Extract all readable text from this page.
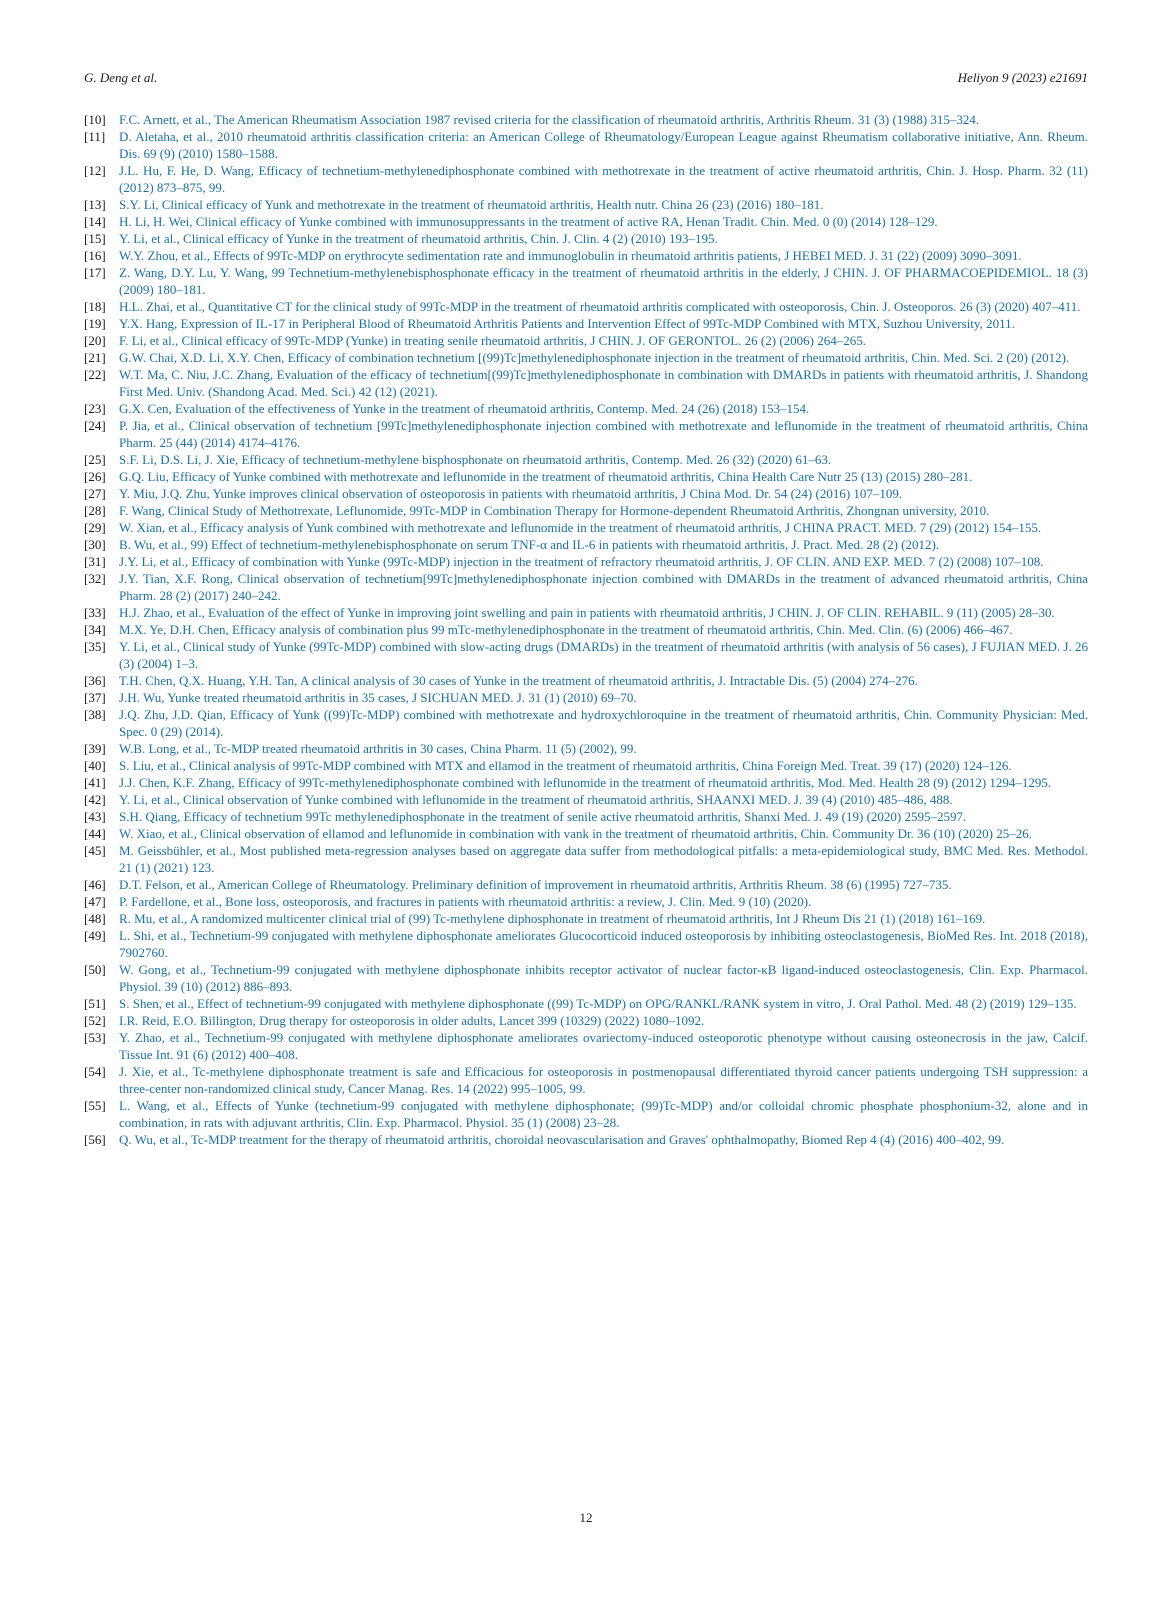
G. Deng et al.	Heliyon 9 (2023) e21691
[10] F.C. Arnett, et al., The American Rheumatism Association 1987 revised criteria for the classification of rheumatoid arthritis, Arthritis Rheum. 31 (3) (1988) 315–324.
[11] D. Aletaha, et al., 2010 rheumatoid arthritis classification criteria: an American College of Rheumatology/European League against Rheumatism collaborative initiative, Ann. Rheum. Dis. 69 (9) (2010) 1580–1588.
[12] J.L. Hu, F. He, D. Wang, Efficacy of technetium-methylenediphosphonate combined with methotrexate in the treatment of active rheumatoid arthritis, Chin. J. Hosp. Pharm. 32 (11) (2012) 873–875, 99.
[13] S.Y. Li, Clinical efficacy of Yunk and methotrexate in the treatment of rheumatoid arthritis, Health nutr. China 26 (23) (2016) 180–181.
[14] H. Li, H. Wei, Clinical efficacy of Yunke combined with immunosuppressants in the treatment of active RA, Henan Tradit. Chin. Med. 0 (0) (2014) 128–129.
[15] Y. Li, et al., Clinical efficacy of Yunke in the treatment of rheumatoid arthritis, Chin. J. Clin. 4 (2) (2010) 193–195.
[16] W.Y. Zhou, et al., Effects of 99Tc-MDP on erythrocyte sedimentation rate and immunoglobulin in rheumatoid arthritis patients, J HEBEI MED. J. 31 (22) (2009) 3090–3091.
[17] Z. Wang, D.Y. Lu, Y. Wang, 99 Technetium-methylenebisphosphonate efficacy in the treatment of rheumatoid arthritis in the elderly, J CHIN. J. OF PHARMACOEPIDEMIOL. 18 (3) (2009) 180–181.
[18] H.L. Zhai, et al., Quantitative CT for the clinical study of 99Tc-MDP in the treatment of rheumatoid arthritis complicated with osteoporosis, Chin. J. Osteoporos. 26 (3) (2020) 407–411.
[19] Y.X. Hang, Expression of IL-17 in Peripheral Blood of Rheumatoid Arthritis Patients and Intervention Effect of 99Tc-MDP Combined with MTX, Suzhou University, 2011.
[20] F. Li, et al., Clinical efficacy of 99Tc-MDP (Yunke) in treating senile rheumatoid arthritis, J CHIN. J. OF GERONTOL. 26 (2) (2006) 264–265.
[21] G.W. Chai, X.D. Li, X.Y. Chen, Efficacy of combination technetium [(99)Tc]methylenediphosphonate injection in the treatment of rheumatoid arthritis, Chin. Med. Sci. 2 (20) (2012).
[22] W.T. Ma, C. Niu, J.C. Zhang, Evaluation of the efficacy of technetium[(99)Tc]methylenediphosphonate in combination with DMARDs in patients with rheumatoid arthritis, J. Shandong First Med. Univ. (Shandong Acad. Med. Sci.) 42 (12) (2021).
[23] G.X. Cen, Evaluation of the effectiveness of Yunke in the treatment of rheumatoid arthritis, Contemp. Med. 24 (26) (2018) 153–154.
[24] P. Jia, et al., Clinical observation of technetium [99Tc]methylenediphosphonate injection combined with methotrexate and leflunomide in the treatment of rheumatoid arthritis, China Pharm. 25 (44) (2014) 4174–4176.
[25] S.F. Li, D.S. Li, J. Xie, Efficacy of technetium-methylene bisphosphonate on rheumatoid arthritis, Contemp. Med. 26 (32) (2020) 61–63.
[26] G.Q. Liu, Efficacy of Yunke combined with methotrexate and leflunomide in the treatment of rheumatoid arthritis, China Health Care Nutr 25 (13) (2015) 280–281.
[27] Y. Miu, J.Q. Zhu, Yunke improves clinical observation of osteoporosis in patients with rheumatoid arthritis, J China Mod. Dr. 54 (24) (2016) 107–109.
[28] F. Wang, Clinical Study of Methotrexate, Leflunomide, 99Tc-MDP in Combination Therapy for Hormone-dependent Rheumatoid Arthritis, Zhongnan university, 2010.
[29] W. Xian, et al., Efficacy analysis of Yunk combined with methotrexate and leflunomide in the treatment of rheumatoid arthritis, J CHINA PRACT. MED. 7 (29) (2012) 154–155.
[30] B. Wu, et al., 99) Effect of technetium-methylenebisphosphonate on serum TNF-α and IL-6 in patients with rheumatoid arthritis, J. Pract. Med. 28 (2) (2012).
[31] J.Y. Li, et al., Efficacy of combination with Yunke (99Tc-MDP) injection in the treatment of refractory rheumatoid arthritis, J. OF CLIN. AND EXP. MED. 7 (2) (2008) 107–108.
[32] J.Y. Tian, X.F. Rong, Clinical observation of technetium[99Tc]methylenediphosphonate injection combined with DMARDs in the treatment of advanced rheumatoid arthritis, China Pharm. 28 (2) (2017) 240–242.
[33] H.J. Zhao, et al., Evaluation of the effect of Yunke in improving joint swelling and pain in patients with rheumatoid arthritis, J CHIN. J. OF CLIN. REHABIL. 9 (11) (2005) 28–30.
[34] M.X. Ye, D.H. Chen, Efficacy analysis of combination plus 99 mTc-methylenediphosphonate in the treatment of rheumatoid arthritis, Chin. Med. Clin. (6) (2006) 466–467.
[35] Y. Li, et al., Clinical study of Yunke (99Tc-MDP) combined with slow-acting drugs (DMARDs) in the treatment of rheumatoid arthritis (with analysis of 56 cases), J FUJIAN MED. J. 26 (3) (2004) 1–3.
[36] T.H. Chen, Q.X. Huang, Y.H. Tan, A clinical analysis of 30 cases of Yunke in the treatment of rheumatoid arthritis, J. Intractable Dis. (5) (2004) 274–276.
[37] J.H. Wu, Yunke treated rheumatoid arthritis in 35 cases, J SICHUAN MED. J. 31 (1) (2010) 69–70.
[38] J.Q. Zhu, J.D. Qian, Efficacy of Yunk ((99)Tc-MDP) combined with methotrexate and hydroxychloroquine in the treatment of rheumatoid arthritis, Chin. Community Physician: Med. Spec. 0 (29) (2014).
[39] W.B. Long, et al., Tc-MDP treated rheumatoid arthritis in 30 cases, China Pharm. 11 (5) (2002), 99.
[40] S. Liu, et al., Clinical analysis of 99Tc-MDP combined with MTX and ellamod in the treatment of rheumatoid arthritis, China Foreign Med. Treat. 39 (17) (2020) 124–126.
[41] J.J. Chen, K.F. Zhang, Efficacy of 99Tc-methylenediphosphonate combined with leflunomide in the treatment of rheumatoid arthritis, Mod. Med. Health 28 (9) (2012) 1294–1295.
[42] Y. Li, et al., Clinical observation of Yunke combined with leflunomide in the treatment of rheumatoid arthritis, SHAANXI MED. J. 39 (4) (2010) 485–486, 488.
[43] S.H. Qiang, Efficacy of technetium 99Tc methylenediphosphonate in the treatment of senile active rheumatoid arthritis, Shanxi Med. J. 49 (19) (2020) 2595–2597.
[44] W. Xiao, et al., Clinical observation of ellamod and leflunomide in combination with vank in the treatment of rheumatoid arthritis, Chin. Community Dr. 36 (10) (2020) 25–26.
[45] M. Geissbühler, et al., Most published meta-regression analyses based on aggregate data suffer from methodological pitfalls: a meta-epidemiological study, BMC Med. Res. Methodol. 21 (1) (2021) 123.
[46] D.T. Felson, et al., American College of Rheumatology. Preliminary definition of improvement in rheumatoid arthritis, Arthritis Rheum. 38 (6) (1995) 727–735.
[47] P. Fardellone, et al., Bone loss, osteoporosis, and fractures in patients with rheumatoid arthritis: a review, J. Clin. Med. 9 (10) (2020).
[48] R. Mu, et al., A randomized multicenter clinical trial of (99) Tc-methylene diphosphonate in treatment of rheumatoid arthritis, Int J Rheum Dis 21 (1) (2018) 161–169.
[49] L. Shi, et al., Technetium-99 conjugated with methylene diphosphonate ameliorates Glucocorticoid induced osteoporosis by inhibiting osteoclastogenesis, BioMed Res. Int. 2018 (2018), 7902760.
[50] W. Gong, et al., Technetium-99 conjugated with methylene diphosphonate inhibits receptor activator of nuclear factor-κB ligand-induced osteoclastogenesis, Clin. Exp. Pharmacol. Physiol. 39 (10) (2012) 886–893.
[51] S. Shen, et al., Effect of technetium-99 conjugated with methylene diphosphonate ((99) Tc-MDP) on OPG/RANKL/RANK system in vitro, J. Oral Pathol. Med. 48 (2) (2019) 129–135.
[52] I.R. Reid, E.O. Billington, Drug therapy for osteoporosis in older adults, Lancet 399 (10329) (2022) 1080–1092.
[53] Y. Zhao, et al., Technetium-99 conjugated with methylene diphosphonate ameliorates ovariectomy-induced osteoporotic phenotype without causing osteonecrosis in the jaw, Calcif. Tissue Int. 91 (6) (2012) 400–408.
[54] J. Xie, et al., Tc-methylene diphosphonate treatment is safe and Efficacious for osteoporosis in postmenopausal differentiated thyroid cancer patients undergoing TSH suppression: a three-center non-randomized clinical study, Cancer Manag. Res. 14 (2022) 995–1005, 99.
[55] L. Wang, et al., Effects of Yunke (technetium-99 conjugated with methylene diphosphonate; (99)Tc-MDP) and/or colloidal chromic phosphate phosphonium-32, alone and in combination, in rats with adjuvant arthritis, Clin. Exp. Pharmacol. Physiol. 35 (1) (2008) 23–28.
[56] Q. Wu, et al., Tc-MDP treatment for the therapy of rheumatoid arthritis, choroidal neovascularisation and Graves' ophthalmopathy, Biomed Rep 4 (4) (2016) 400–402, 99.
12
